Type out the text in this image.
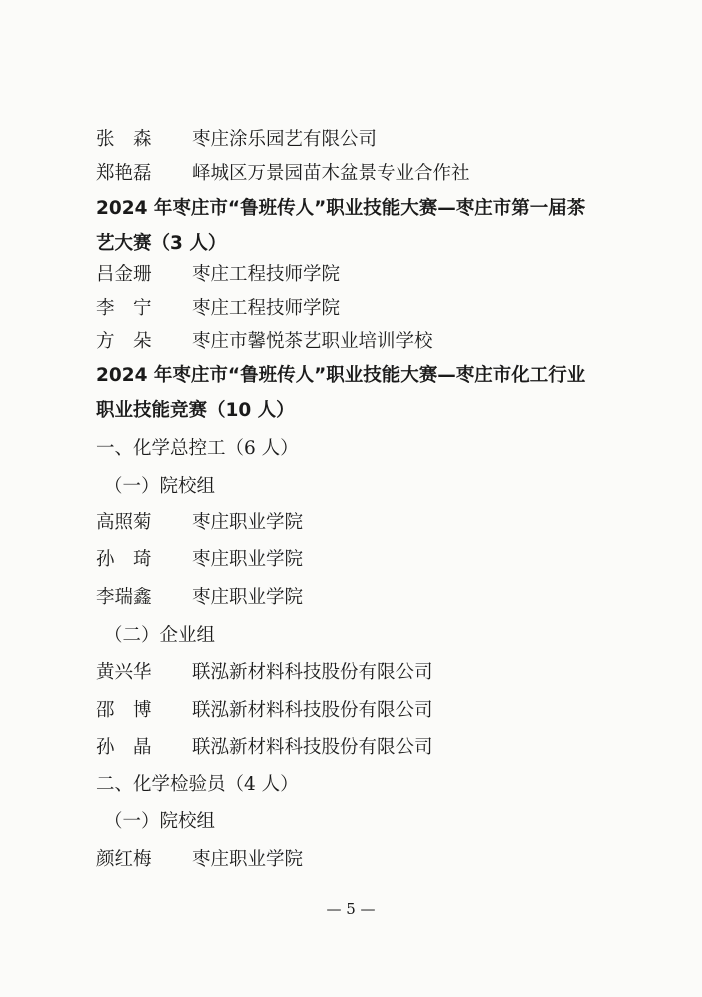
张　森 枣庄涂乐园艺有限公司
郑艳磊 峄城区万景园苗木盆景专业合作社
2024 年枣庄市“鲁班传人”职业技能大赛—枣庄市第一届茶
艺大赛（3 人）
吕金珊 枣庄工程技师学院
李　宁 枣庄工程技师学院
方　朵 枣庄市馨悦茶艺职业培训学校
2024 年枣庄市“鲁班传人”职业技能大赛—枣庄市化工行业
职业技能竞赛（10 人）
一、化学总控工（6 人）
（一）院校组
高照菊 枣庄职业学院
孙　琦 枣庄职业学院
李瑞鑫 枣庄职业学院
（二）企业组
黄兴华 联泓新材料科技股份有限公司
邵　博 联泓新材料科技股份有限公司
孙　晶 联泓新材料科技股份有限公司
二、化学检验员（4 人）
（一）院校组
颜红梅 枣庄职业学院
— 5 —
